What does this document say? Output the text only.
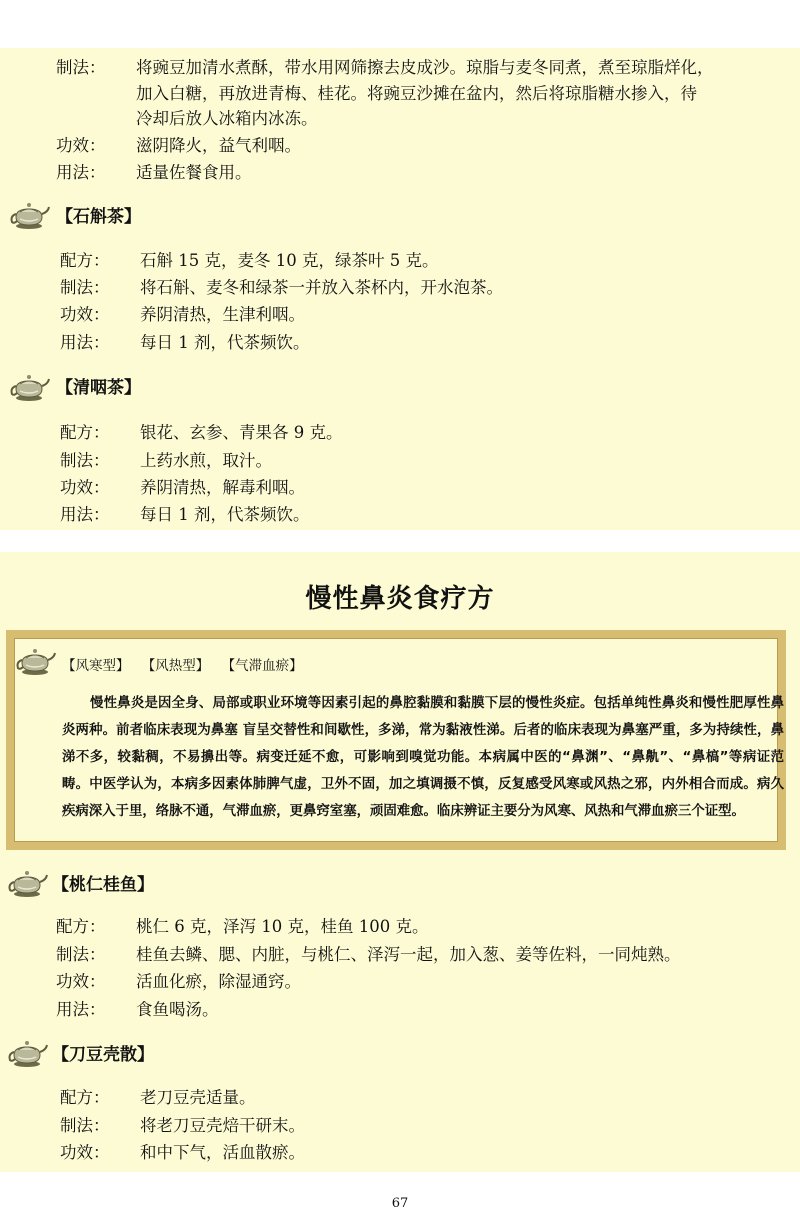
制法： 将豌豆加清水煮酥，带水用网筛擦去皮成沙。琼脂与麦冬同煮，煮至琼脂烊化，
加入白糖，再放进青梅、桂花。将豌豆沙摊在盆内，然后将琼脂糖水掺入，待
冷却后放人冰箱内冰冻。
功效： 滋阴降火，益气利咽。
用法： 适量佐餐食用。
【石斛茶】
配方： 石斛 15 克，麦冬 10 克，绿茶叶 5 克。
制法： 将石斛、麦冬和绿茶一并放入茶杯内，开水泡茶。
功效： 养阴清热，生津利咽。
用法： 每日 1 剂，代茶频饮。
【清咽茶】
配方： 银花、玄参、青果各 9 克。
制法： 上药水煎，取汁。
功效： 养阴清热，解毒利咽。
用法： 每日 1 剂，代茶频饮。
慢性鼻炎食疗方
【风寒型】 【风热型】 【气滞血瘀】
慢性鼻炎是因全身、局部或职业环境等因素引起的鼻腔黏膜和黏膜下层的慢性炎症。包括单纯性鼻炎和慢性肥厚性鼻炎两种。前者临床表现为鼻塞 盲呈交替性和间歇性，多涕，常为黏液性涕。后者的临床表现为鼻塞严重，多为持续性，鼻涕不多，较黏稠，不易擤出等。病变迁延不愈，可影响到嗅觉功能。本病属中医的“鼻渊”、“鼻鼽”、“鼻槁”等病证范畴。中医学认为，本病多因素体肺脾气虚，卫外不固，加之填调摄不慎，反复感受风寒或风热之邪，内外相合而成。病久疾病深入于里，络脉不通，气滞血瘀，更鼻窍室塞，顽固难愈。临床辨证主要分为风寒、风热和气滞血瘀三个证型。
【桃仁桂鱼】
配方： 桃仁 6 克，泽泻 10 克，桂鱼 100 克。
制法： 桂鱼去鳞、腮、内脏，与桃仁、泽泻一起，加入葱、姜等佐料，一同炖熟。
功效： 活血化瘀，除湿通窍。
用法： 食鱼喝汤。
【刀豆壳散】
配方： 老刀豆壳适量。
制法： 将老刀豆壳焙干研末。
功效： 和中下气，活血散瘀。
67
